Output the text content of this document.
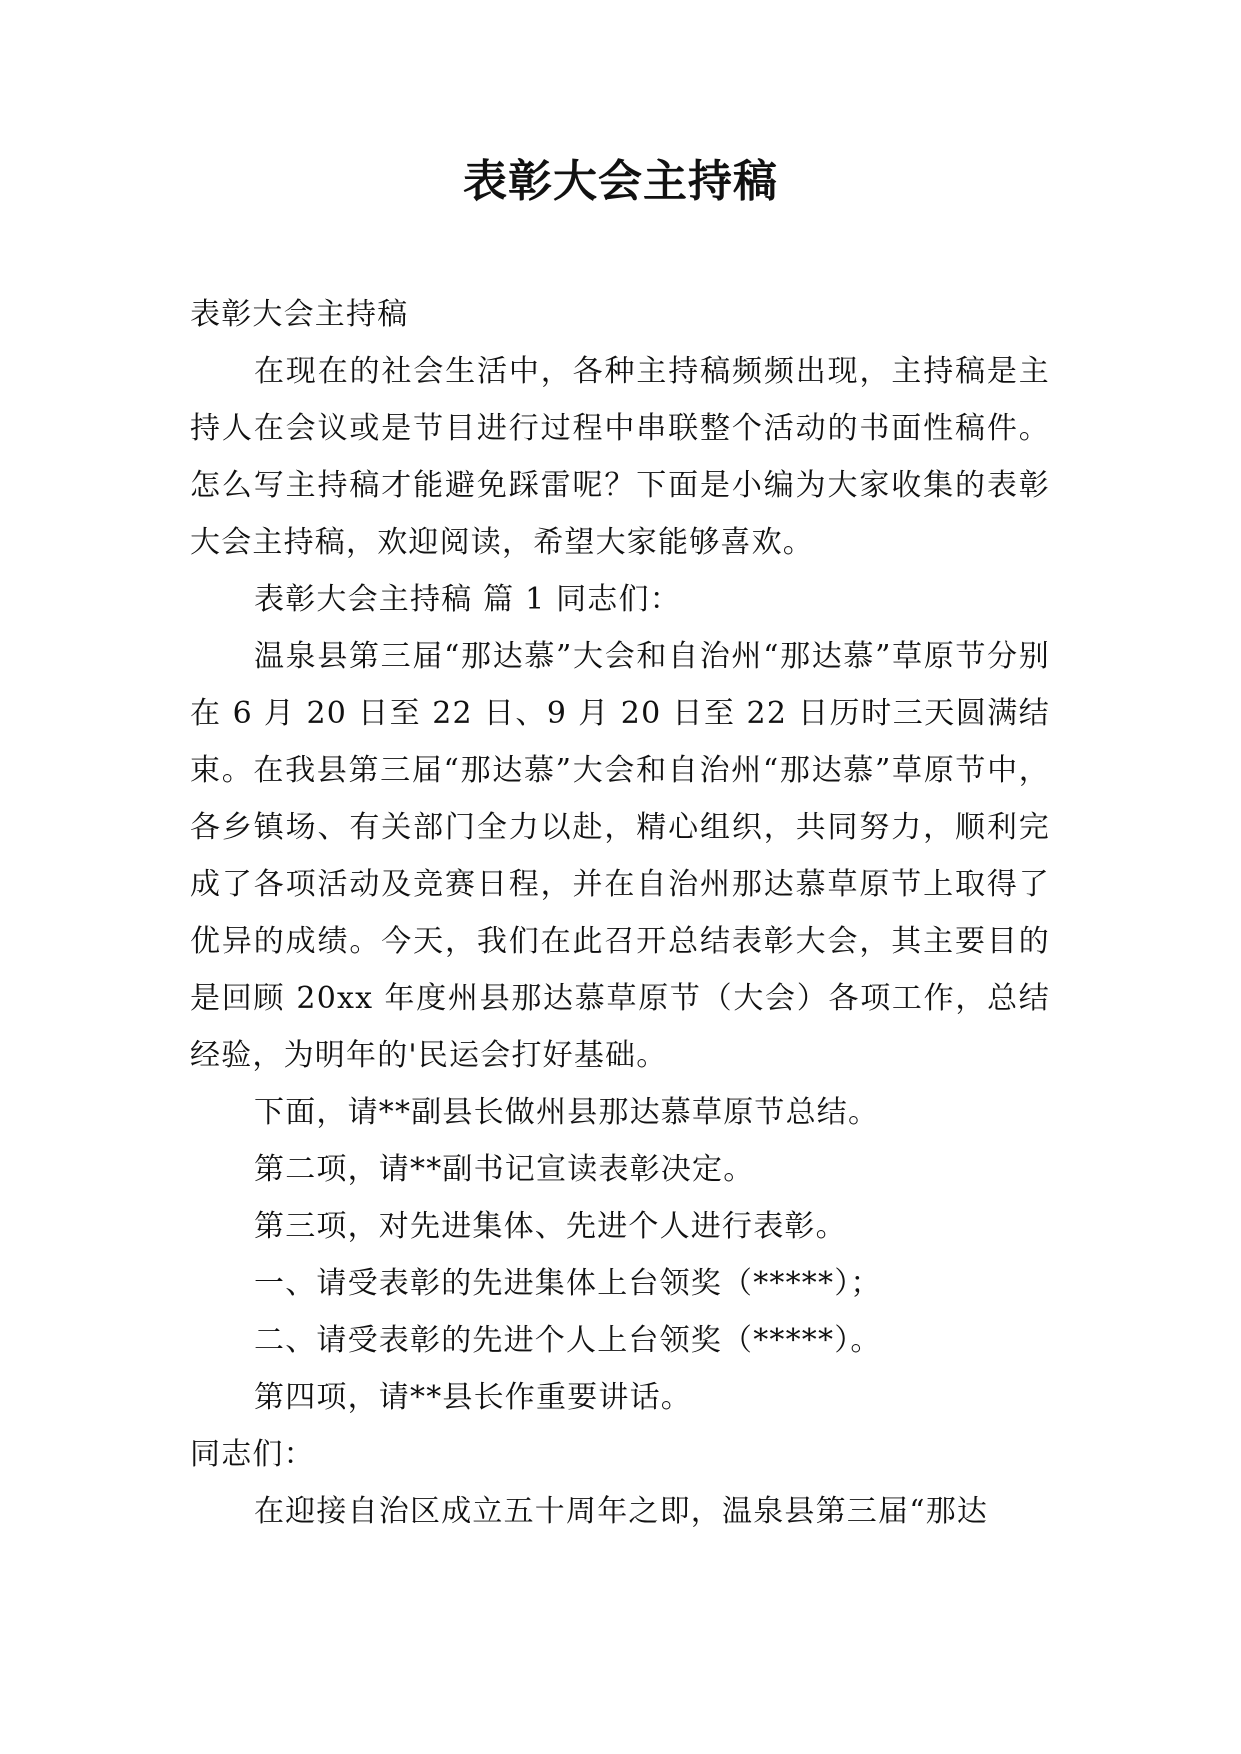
表彰大会主持稿

表彰大会主持稿

在现在的社会生活中，各种主持稿频频出现，主持稿是主持人在会议或是节目进行过程中串联整个活动的书面性稿件。怎么写主持稿才能避免踩雷呢？下面是小编为大家收集的表彰大会主持稿，欢迎阅读，希望大家能够喜欢。

表彰大会主持稿 篇 1 同志们：

温泉县第三届“那达慕”大会和自治州“那达慕”草原节分别在 6 月 20 日至 22 日、9 月 20 日至 22 日历时三天圆满结束。在我县第三届“那达慕”大会和自治州“那达慕”草原节中，各乡镇场、有关部门全力以赴，精心组织，共同努力，顺利完成了各项活动及竞赛日程，并在自治州那达慕草原节上取得了优异的成绩。今天，我们在此召开总结表彰大会，其主要目的是回顾 20xx 年度州县那达慕草原节（大会）各项工作，总结经验，为明年的'民运会打好基础。

下面，请**副县长做州县那达慕草原节总结。

第二项，请**副书记宣读表彰决定。

第三项，对先进集体、先进个人进行表彰。

一、请受表彰的先进集体上台领奖（*****）；

二、请受表彰的先进个人上台领奖（*****）。

第四项，请**县长作重要讲话。

同志们：

在迎接自治区成立五十周年之即，温泉县第三届“那达
